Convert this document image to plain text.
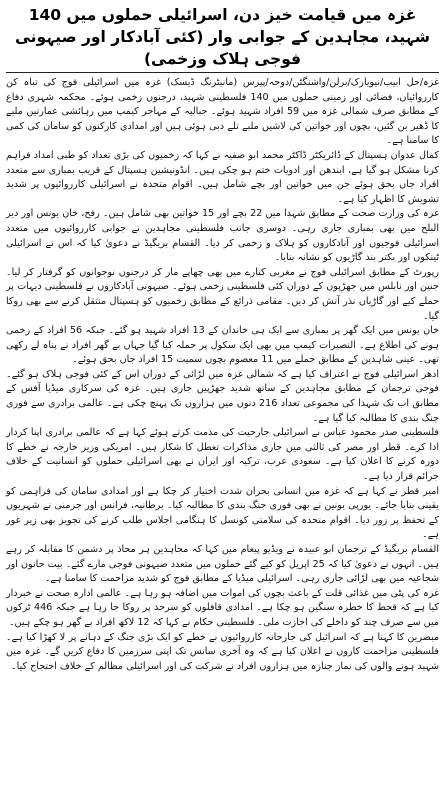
غزہ میں قیامت خیز دن، اسرائیلی حملوں میں 140 شہید، مجاہدین کے جوابی وار (کئی آبادکار اور صیہونی فوجی ہلاک وزخمی)

غزہ/حل ابیب/نیویارک/برلن/واشنگٹن/دوحہ/پیرس (مانیٹرنگ ڈیسک) غزہ میں اسرائیلی فوج کی تباہ کن کارروائیاں، فضائی اور زمینی حملوں میں 140 فلسطینی شہید، درجنوں زخمی ہوئے۔ محکمہ شہری دفاع کے مطابق صرف شمالی غزہ میں 59 افراد شہید ہوئے۔ جبالیہ کے مہاجر کیمپ میں رہائشی عمارتیں ملبے کا ڈھیر بن گئیں، بچوں اور خواتین کی لاشیں ملبے تلے دبی ہوئی ہیں اور امدادی کارکنوں کو سامان کی کمی کا سامنا ہے۔

کمال عدوان ہسپتال کے ڈائریکٹر ڈاکٹر محمد ابو صفیہ نے کہا کہ زخمیوں کی بڑی تعداد کو طبی امداد فراہم کرنا مشکل ہو گیا ہے، ایندھن اور ادویات ختم ہو چکی ہیں۔ انڈونیشین ہسپتال کے قریب بمباری سے متعدد افراد جاں بحق ہوئے جن میں خواتین اور بچے شامل ہیں۔ اقوام متحدہ نے اسرائیلی کارروائیوں پر شدید تشویش کا اظہار کیا ہے۔

غزہ کی وزارت صحت کے مطابق شہدا میں 22 بچے اور 15 خواتین بھی شامل ہیں۔ رفح، خان یونس اور دیر البلح میں بھی بمباری جاری رہی۔ دوسری جانب فلسطینی مجاہدین نے جوابی کارروائیوں میں متعدد اسرائیلی فوجیوں اور آبادکاروں کو ہلاک و زخمی کر دیا۔ القسام بریگیڈ نے دعویٰ کیا کہ اس نے اسرائیلی ٹینکوں اور بکتر بند گاڑیوں کو نشانہ بنایا۔

رپورٹ کے مطابق اسرائیلی فوج نے مغربی کنارے میں بھی چھاپے مار کر درجنوں نوجوانوں کو گرفتار کر لیا۔ جنین اور نابلس میں جھڑپوں کے دوران کئی فلسطینی زخمی ہوئے۔ صیہونی آبادکاروں نے فلسطینی دیہات پر حملے کیے اور گاڑیاں نذر آتش کر دیں۔ مقامی ذرائع کے مطابق زخمیوں کو ہسپتال منتقل کرنے سے بھی روکا گیا۔

خان یونس میں ایک گھر پر بمباری سے ایک ہی خاندان کے 13 افراد شہید ہو گئے۔ جبکہ 56 افراد کے زخمی ہونے کی اطلاع ہے۔ النصیرات کیمپ میں بھی ایک سکول پر حملہ کیا گیا جہاں بے گھر افراد نے پناہ لے رکھی تھی۔ عینی شاہدین کے مطابق حملے میں 11 معصوم بچوں سمیت 15 افراد جاں بحق ہوئے۔

ادھر اسرائیلی فوج نے اعتراف کیا ہے کہ شمالی غزہ میں لڑائی کے دوران اس کے کئی فوجی ہلاک ہو گئے۔ فوجی ترجمان کے مطابق مجاہدین کے ساتھ شدید جھڑپیں جاری ہیں۔ غزہ کی سرکاری میڈیا آفس کے مطابق اب تک شہدا کی مجموعی تعداد 216 دنوں میں ہزاروں تک پہنچ چکی ہے۔ عالمی برادری سے فوری جنگ بندی کا مطالبہ کیا گیا ہے۔

فلسطینی صدر محمود عباس نے اسرائیلی جارحیت کی مذمت کرتے ہوئے کہا ہے کہ عالمی برادری اپنا کردار ادا کرے۔ قطر اور مصر کی ثالثی میں جاری مذاکرات تعطل کا شکار ہیں۔ امریکی وزیر خارجہ نے خطے کا دورہ کرنے کا اعلان کیا ہے۔ سعودی عرب، ترکیہ اور ایران نے بھی اسرائیلی حملوں کو انسانیت کے خلاف جرائم قرار دیا ہے۔

امیر قطر نے کہا ہے کہ غزہ میں انسانی بحران شدت اختیار کر چکا ہے اور امدادی سامان کی فراہمی کو یقینی بنایا جائے۔ یورپی یونین نے بھی فوری جنگ بندی کا مطالبہ کیا۔ برطانیہ، فرانس اور جرمنی نے شہریوں کے تحفظ پر زور دیا۔ اقوام متحدہ کی سلامتی کونسل کا ہنگامی اجلاس طلب کرنے کی تجویز بھی زیر غور ہے۔

القسام بریگیڈ کے ترجمان ابو عبیدہ نے ویڈیو پیغام میں کہا کہ مجاہدین ہر محاذ پر دشمن کا مقابلہ کر رہے ہیں۔ انہوں نے دعویٰ کیا کہ 25 اپریل کو کیے گئے حملوں میں متعدد صیہونی فوجی مارے گئے۔ بیت حانون اور شجاعیہ میں بھی لڑائی جاری رہی۔ اسرائیلی میڈیا کے مطابق فوج کو شدید مزاحمت کا سامنا ہے۔

غزہ کی پٹی میں غذائی قلت کے باعث بچوں کی اموات میں اضافہ ہو رہا ہے۔ عالمی ادارہ صحت نے خبردار کیا ہے کہ قحط کا خطرہ سنگین ہو چکا ہے۔ امدادی قافلوں کو سرحد پر روکا جا رہا ہے جبکہ 446 ٹرکوں میں سے صرف چند کو داخلے کی اجازت ملی۔ فلسطینی حکام نے کہا کہ 12 لاکھ افراد بے گھر ہو چکے ہیں۔

مبصرین کا کہنا ہے کہ اسرائیل کی جارحانہ کارروائیوں نے خطے کو ایک بڑی جنگ کے دہانے پر لا کھڑا کیا ہے۔ فلسطینی مزاحمت کاروں نے اعلان کیا ہے کہ وہ آخری سانس تک اپنی سرزمین کا دفاع کریں گے۔ غزہ میں شہید ہونے والوں کی نماز جنازہ میں ہزاروں افراد نے شرکت کی اور اسرائیلی مظالم کے خلاف احتجاج کیا۔
